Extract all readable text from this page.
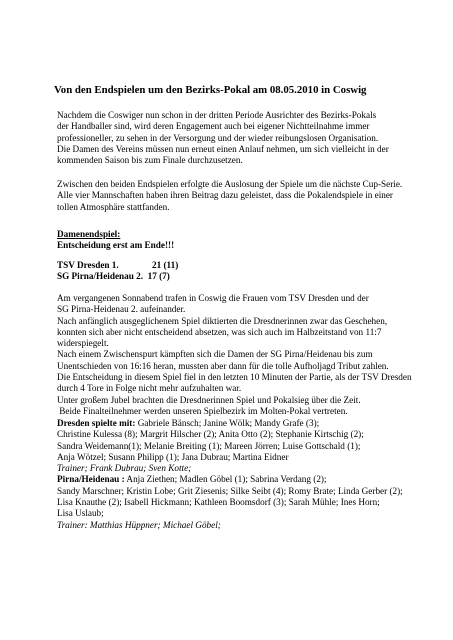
Von den Endspielen um den Bezirks-Pokal am 08.05.2010 in Coswig
Nachdem die Coswiger nun schon in der dritten Periode Ausrichter des Bezirks-Pokals
der Handballer sind, wird deren Engagement auch bei eigener Nichtteilnahme immer
professioneller, zu sehen in der Versorgung und der wieder reibungslosen Organisation.
Die Damen des Vereins müssen nun erneut einen Anlauf nehmen, um sich vielleicht in der
kommenden Saison bis zum Finale durchzusetzen.
Zwischen den beiden Endspielen erfolgte die Auslosung der Spiele um die nächste Cup-Serie.
Alle vier Mannschaften haben ihren Beitrag dazu geleistet, dass die Pokalendspiele in einer
tollen Atmosphäre stattfanden.
Damenendspiel:
Entscheidung erst am Ende!!!
TSV Dresden 1.	21 (11)
SG Pirna/Heidenau 2. 17 (7)
Am vergangenen Sonnabend trafen in Coswig die Frauen vom TSV Dresden und der
SG Pirna-Heidenau 2. aufeinander.
Nach anfänglich ausgeglichenem Spiel diktierten die Dresdnerinnen zwar das Geschehen,
konnten sich aber nicht entscheidend absetzen, was sich auch im Halbzeitstand von 11:7
widerspiegelt.
Nach einem Zwischenspurt kämpften sich die Damen der SG Pirna/Heidenau bis zum
Unentschieden von 16:16 heran, mussten aber dann für die tolle Aufholjagd Tribut zahlen.
Die Entscheidung in diesem Spiel fiel in den letzten 10 Minuten der Partie, als der TSV Dresden
durch 4 Tore in Folge nicht mehr aufzuhalten war.
Unter großem Jubel brachten die Dresdnerinnen Spiel und Pokalsieg über die Zeit.
Beide Finalteilnehmer werden unseren Spielbezirk im Molten-Pokal vertreten.
Dresden spielte mit: Gabriele Bänsch; Janine Wölk; Mandy Grafe (3);
Christine Kulessa (8); Margrit Hilscher (2); Anita Otto (2); Stephanie Kirtschig (2);
Sandra Weidemann(1); Melanie Breiting (1); Mareen Jörren; Luise Gottschald (1);
Anja Wötzel; Susann Philipp (1); Jana Dubrau; Martina Eidner
Trainer; Frank Dubrau; Sven Kotte;
Pirna/Heidenau : Anja Ziethen; Madlen Göbel (1); Sabrina Verdang (2);
Sandy Marschner; Kristin Lobe; Grit Ziesenis; Silke Seibt (4); Romy Brate; Linda Gerber (2);
Lisa Knauthe (2); Isabell Hickmann; Kathleen Boomsdorf (3); Sarah Mühle; Ines Horn;
Lisa Uslaub;
Trainer: Matthias Hüppner; Michael Göbel;
